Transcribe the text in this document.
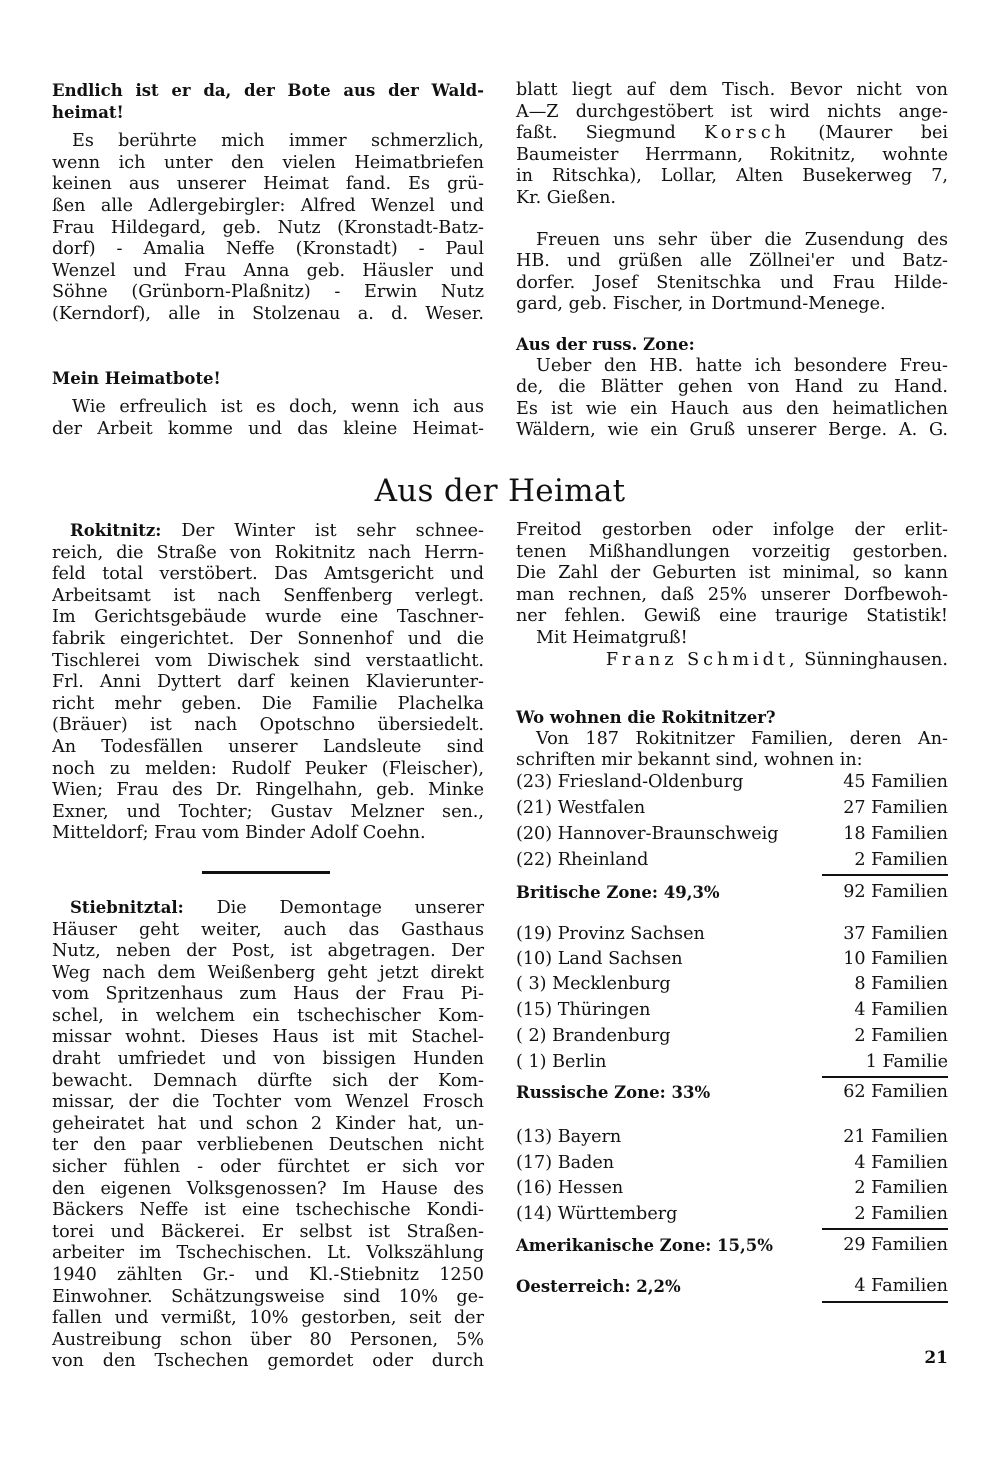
Endlich ist er da, der Bote aus der Wald-

heimat!

Es berührte mich immer schmerzlich,

wenn ich unter den vielen Heimatbriefen

keinen aus unserer Heimat fand. Es grü-

ßen alle Adlergebirgler: Alfred Wenzel und

Frau Hildegard, geb. Nutz (Kronstadt-Batz-

dorf) - Amalia Neffe (Kronstadt) - Paul

Wenzel und Frau Anna geb. Häusler und

Söhne (Grünborn-Plaßnitz) - Erwin Nutz

(Kerndorf), alle in Stolzenau a. d. Weser.

Mein Heimatbote!

Wie erfreulich ist es doch, wenn ich aus

der Arbeit komme und das kleine Heimat-

blatt liegt auf dem Tisch. Bevor nicht von

A—Z durchgestöbert ist wird nichts ange-

faßt. Siegmund Korsch (Maurer bei

Baumeister Herrmann, Rokitnitz, wohnte

in Ritschka), Lollar, Alten Busekerweg 7,

Kr. Gießen.

Freuen uns sehr über die Zusendung des

HB. und grüßen alle Zöllnei'er und Batz-

dorfer. Josef Stenitschka und Frau Hilde-

gard, geb. Fischer, in Dortmund-Menege.

Aus der russ. Zone:

Ueber den HB. hatte ich besondere Freu-

de, die Blätter gehen von Hand zu Hand.

Es ist wie ein Hauch aus den heimatlichen

Wäldern, wie ein Gruß unserer Berge. A. G.

Aus der Heimat

Rokitnitz: Der Winter ist sehr schnee-

reich, die Straße von Rokitnitz nach Herrn-

feld total verstöbert. Das Amtsgericht und

Arbeitsamt ist nach Senffenberg verlegt.

Im Gerichtsgebäude wurde eine Taschner-

fabrik eingerichtet. Der Sonnenhof und die

Tischlerei vom Diwischek sind verstaatlicht.

Frl. Anni Dyttert darf keinen Klavierunter-

richt mehr geben. Die Familie Plachelka

(Bräuer) ist nach Opotschno übersiedelt.

An Todesfällen unserer Landsleute sind

noch zu melden: Rudolf Peuker (Fleischer),

Wien; Frau des Dr. Ringelhahn, geb. Minke

Exner, und Tochter; Gustav Melzner sen.,

Mitteldorf; Frau vom Binder Adolf Coehn.

Stiebnitztal: Die Demontage unserer

Häuser geht weiter, auch das Gasthaus

Nutz, neben der Post, ist abgetragen. Der

Weg nach dem Weißenberg geht jetzt direkt

vom Spritzenhaus zum Haus der Frau Pi-

schel, in welchem ein tschechischer Kom-

missar wohnt. Dieses Haus ist mit Stachel-

draht umfriedet und von bissigen Hunden

bewacht. Demnach dürfte sich der Kom-

missar, der die Tochter vom Wenzel Frosch

geheiratet hat und schon 2 Kinder hat, un-

ter den paar verbliebenen Deutschen nicht

sicher fühlen - oder fürchtet er sich vor

den eigenen Volksgenossen? Im Hause des

Bäckers Neffe ist eine tschechische Kondi-

torei und Bäckerei. Er selbst ist Straßen-

arbeiter im Tschechischen. Lt. Volkszählung

1940 zählten Gr.- und Kl.-Stiebnitz 1250

Einwohner. Schätzungsweise sind 10% ge-

fallen und vermißt, 10% gestorben, seit der

Austreibung schon über 80 Personen, 5%

von den Tschechen gemordet oder durch

Freitod gestorben oder infolge der erlit-

tenen Mißhandlungen vorzeitig gestorben.

Die Zahl der Geburten ist minimal, so kann

man rechnen, daß 25% unserer Dorfbewoh-

ner fehlen. Gewiß eine traurige Statistik!

Mit Heimatgruß!

Franz Schmidt, Sünninghausen.

Wo wohnen die Rokitnitzer?

Von 187 Rokitnitzer Familien, deren An-

schriften mir bekannt sind, wohnen in:

(23) Friesland-Oldenburg	45 Familien
(21) Westfalen	27 Familien
(20) Hannover-Braunschweig	18 Familien
(22) Rheinland	2 Familien
Britische Zone: 49,3%	92 Familien
(19) Provinz Sachsen	37 Familien
(10) Land Sachsen	10 Familien
( 3) Mecklenburg	8 Familien
(15) Thüringen	4 Familien
( 2) Brandenburg	2 Familien
( 1) Berlin	1 Familie
Russische Zone: 33%	62 Familien
(13) Bayern	21 Familien
(17) Baden	4 Familien
(16) Hessen	2 Familien
(14) Württemberg	2 Familien
Amerikanische Zone: 15,5%	29 Familien
Oesterreich: 2,2%	4 Familien
21
